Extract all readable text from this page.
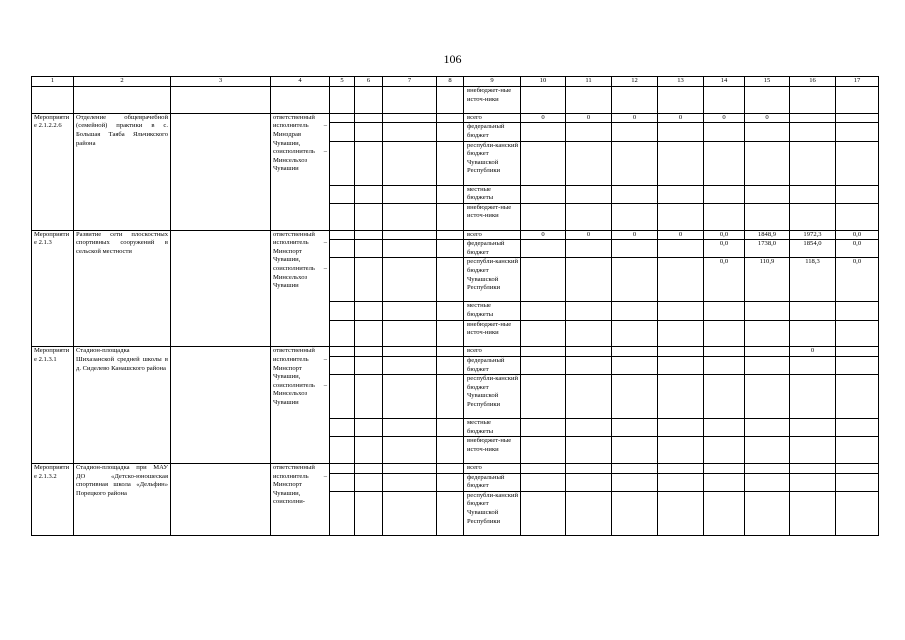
106
1	2	3	4	5	6	7	8	9	10	11	12	13	14	15	16	17
								внебюджет-ные источ-ники								
Мероприятие 2.1.2.2.6	Отделение общеврачебной (семейной) практики в с. Большая Таяба Яльчикского района		ответственный исполнитель – Минздрав Чувашии, соисполнитель – Минсельхоз Чувашии					всего	0	0	0	0	0	0		
								федеральный бюджет								
								республи-канский бюджет Чувашской Республики								
								местные бюджеты								
								внебюджет-ные источ-ники								
Мероприятие 2.1.3	Развитие сети плоскостных спортивных сооружений в сельской местности		ответственный исполнитель – Минспорт Чувашии, соисполнитель – Минсельхоз Чувашии					всего	0	0	0	0	0,0	1848,9	1972,3	0,0
								федеральный бюджет					0,0	1738,0	1854,0	0,0
								республи-канский бюджет Чувашской Республики					0,0	110,9	118,3	0,0
								местные бюджеты								
								внебюджет-ные источ-ники								
Мероприятие 2.1.3.1	Стадион-площадка Шихазанской средней школы в д. Сиделево Канашского района		ответственный исполнитель – Минспорт Чувашии, соисполнитель – Минсельхоз Чувашии					всего							0	
								федеральный бюджет								
								республи-канский бюджет Чувашской Республики								
								местные бюджеты								
								внебюджет-ные источ-ники								
Мероприятие 2.1.3.2	Стадион-площадка при МАУ ДО «Детско-юношеская спортивная школа «Дельфин» Порецкого района		ответственный исполнитель – Минспорт Чувашии, соисполни-					всего								
								федеральный бюджет								
								республи-канский бюджет Чувашской Республики								
